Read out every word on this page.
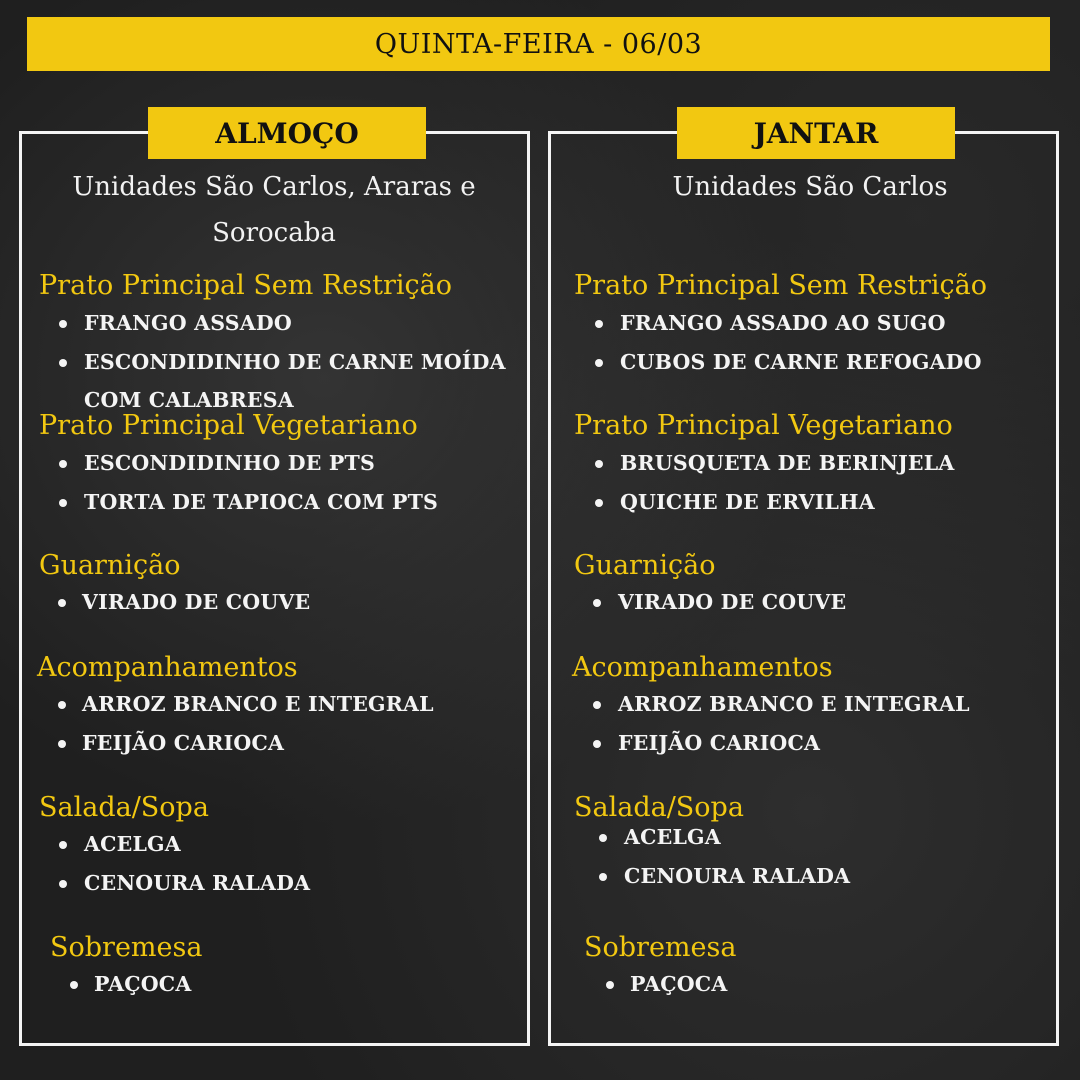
QUINTA-FEIRA - 06/03
ALMOÇO	JANTAR
Unidades São Carlos, Araras e
Sorocaba
Unidades São Carlos
Prato Principal Sem Restrição
FRANGO ASSADO
ESCONDIDINHO DE CARNE MOÍDA
COM CALABRESA
Prato Principal Vegetariano
ESCONDIDINHO DE PTS
TORTA DE TAPIOCA COM PTS
Guarnição
VIRADO DE COUVE
Acompanhamentos
ARROZ BRANCO E INTEGRAL
FEIJÃO CARIOCA
Salada/Sopa
ACELGA
CENOURA RALADA
Sobremesa
PAÇOCA
Prato Principal Sem Restrição
FRANGO ASSADO AO SUGO
CUBOS DE CARNE REFOGADO
Prato Principal Vegetariano
BRUSQUETA DE BERINJELA
QUICHE DE ERVILHA
Guarnição
VIRADO DE COUVE
Acompanhamentos
ARROZ BRANCO E INTEGRAL
FEIJÃO CARIOCA
Salada/Sopa
ACELGA
CENOURA RALADA
Sobremesa
PAÇOCA
